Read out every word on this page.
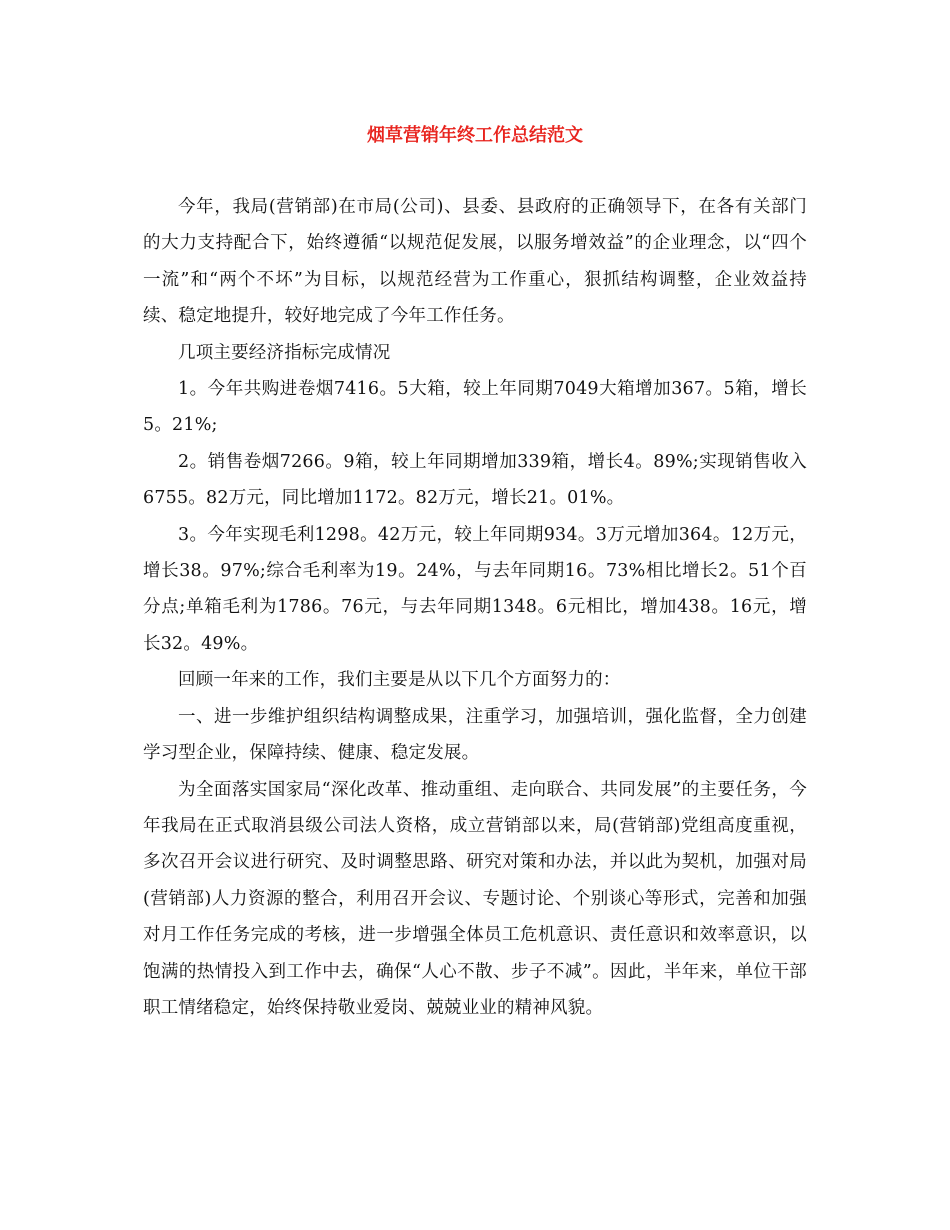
烟草营销年终工作总结范文

今年，我局(营销部)在市局(公司)、县委、县政府的正确领导下，在各有关部门的大力支持配合下，始终遵循“以规范促发展，以服务增效益”的企业理念，以“四个一流”和“两个不坏”为目标，以规范经营为工作重心，狠抓结构调整，企业效益持续、稳定地提升，较好地完成了今年工作任务。

几项主要经济指标完成情况

1。今年共购进卷烟7416。5大箱，较上年同期7049大箱增加367。5箱，增长5。21%;

2。销售卷烟7266。9箱，较上年同期增加339箱，增长4。89%;实现销售收入6755。82万元，同比增加1172。82万元，增长21。01%。

3。今年实现毛利1298。42万元，较上年同期934。3万元增加364。12万元，增长38。97%;综合毛利率为19。24%，与去年同期16。73%相比增长2。51个百分点;单箱毛利为1786。76元，与去年同期1348。6元相比，增加438。16元，增长32。49%。

回顾一年来的工作，我们主要是从以下几个方面努力的：

一、进一步维护组织结构调整成果，注重学习，加强培训，强化监督，全力创建学习型企业，保障持续、健康、稳定发展。

为全面落实国家局“深化改革、推动重组、走向联合、共同发展”的主要任务，今年我局在正式取消县级公司法人资格，成立营销部以来，局(营销部)党组高度重视，多次召开会议进行研究、及时调整思路、研究对策和办法，并以此为契机，加强对局(营销部)人力资源的整合，利用召开会议、专题讨论、个别谈心等形式，完善和加强对月工作任务完成的考核，进一步增强全体员工危机意识、责任意识和效率意识，以饱满的热情投入到工作中去，确保“人心不散、步子不减”。因此，半年来，单位干部职工情绪稳定，始终保持敬业爱岗、兢兢业业的精神风貌。
